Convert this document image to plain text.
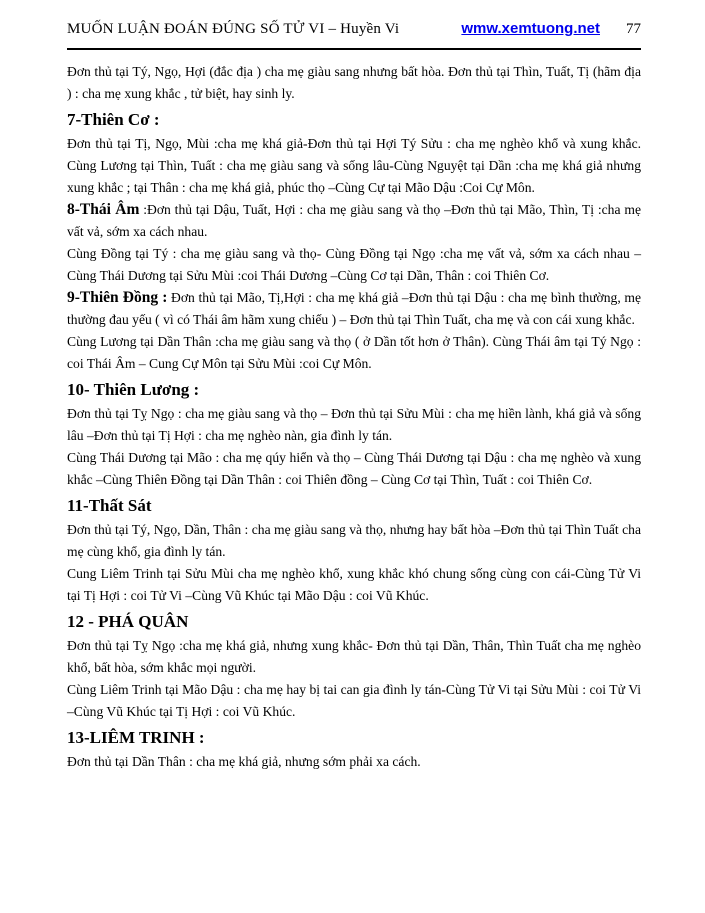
MUỐN LUẬN ĐOÁN ĐÚNG SỐ TỬ VI – Huyền Vi	wmw.xemtuong.net 77

Đơn thủ tại Tý, Ngọ, Hợi (đắc địa ) cha mẹ giàu sang nhưng bất hòa. Đơn thủ tại Thìn, Tuất, Tị (hãm địa ) : cha mẹ xung khắc , tử biệt, hay sinh ly.

7-Thiên Cơ :

Đơn thủ tại Tị, Ngọ, Mùi :cha mẹ khá giả-Đơn thủ tại Hợi Tý Sửu : cha mẹ nghèo khổ và xung khắc. Cùng Lương tại Thìn, Tuất : cha mẹ giàu sang và sống lâu-Cùng Nguyệt tại Dần :cha mẹ khá giả nhưng xung khắc ; tại Thân : cha mẹ khá giả, phúc thọ –Cùng Cự tại Mão Dậu :Coi Cự Môn.

8-Thái Âm :Đơn thủ tại Dậu, Tuất, Hợi : cha mẹ giàu sang và thọ –Đơn thủ tại Mão, Thìn, Tị :cha mẹ vất vả, sớm xa cách nhau.

Cùng Đồng tại Tý : cha mẹ giàu sang và thọ- Cùng Đồng tại Ngọ :cha mẹ vất vả, sớm xa cách nhau –Cùng Thái Dương tại Sửu Mùi :coi Thái Dương –Cùng Cơ tại Dần, Thân : coi Thiên Cơ.

9-Thiên Đồng : Đơn thủ tại Mão, Tị,Hợi : cha mẹ khá giả –Đơn thủ tại Dậu : cha mẹ bình thường, mẹ thường đau yếu ( vì có Thái âm hãm xung chiếu ) – Đơn thủ tại Thìn Tuất, cha mẹ và con cái xung khắc.

Cùng Lương tại Dần Thân :cha mẹ giàu sang và thọ ( ở Dần tốt hơn ở Thân). Cùng Thái âm tại Tý Ngọ : coi Thái Âm – Cung Cự Môn tại Sửu Mùi :coi Cự Môn.

10- Thiên Lương :

Đơn thủ tại Tỵ Ngọ : cha mẹ giàu sang và thọ – Đơn thủ tại Sửu Mùi : cha mẹ hiền lành, khá giả và sống lâu –Đơn thủ tại Tị Hợi : cha mẹ nghèo nàn, gia đình ly tán.

Cùng Thái Dương tại Mão : cha mẹ qúy hiển và thọ – Cùng Thái Dương tại Dậu : cha mẹ nghèo và xung khắc –Cùng Thiên Đồng tại Dần Thân : coi Thiên đồng – Cùng Cơ tại Thìn, Tuất : coi Thiên Cơ.

11-Thất Sát

Đơn thủ tại Tý, Ngọ, Dần, Thân : cha mẹ giàu sang và thọ, nhưng hay bất hòa –Đơn thủ tại Thìn Tuất cha mẹ cùng khổ, gia đình ly tán.

Cung Liêm Trinh tại Sửu Mùi cha mẹ nghèo khổ, xung khắc khó chung sống cùng con cái-Cùng Tử Vi tại Tị Hợi : coi Tử Vi –Cùng Vũ Khúc tại Mão Dậu : coi Vũ Khúc.

12 - PHÁ QUÂN

Đơn thủ tại Tỵ Ngọ :cha mẹ khá giả, nhưng xung khắc- Đơn thủ tại Dần, Thân, Thìn Tuất cha mẹ nghèo khổ, bất hòa, sớm khắc mọi người.

Cùng Liêm Trinh tại Mão Dậu : cha mẹ hay bị tai can gia đình ly tán-Cùng Tử Vi tại Sửu Mùi : coi Tử Vi –Cùng Vũ Khúc tại Tị Hợi : coi Vũ Khúc.

13-LIÊM TRINH :

Đơn thủ tại Dần Thân : cha mẹ khá giả, nhưng sớm phải xa cách.
